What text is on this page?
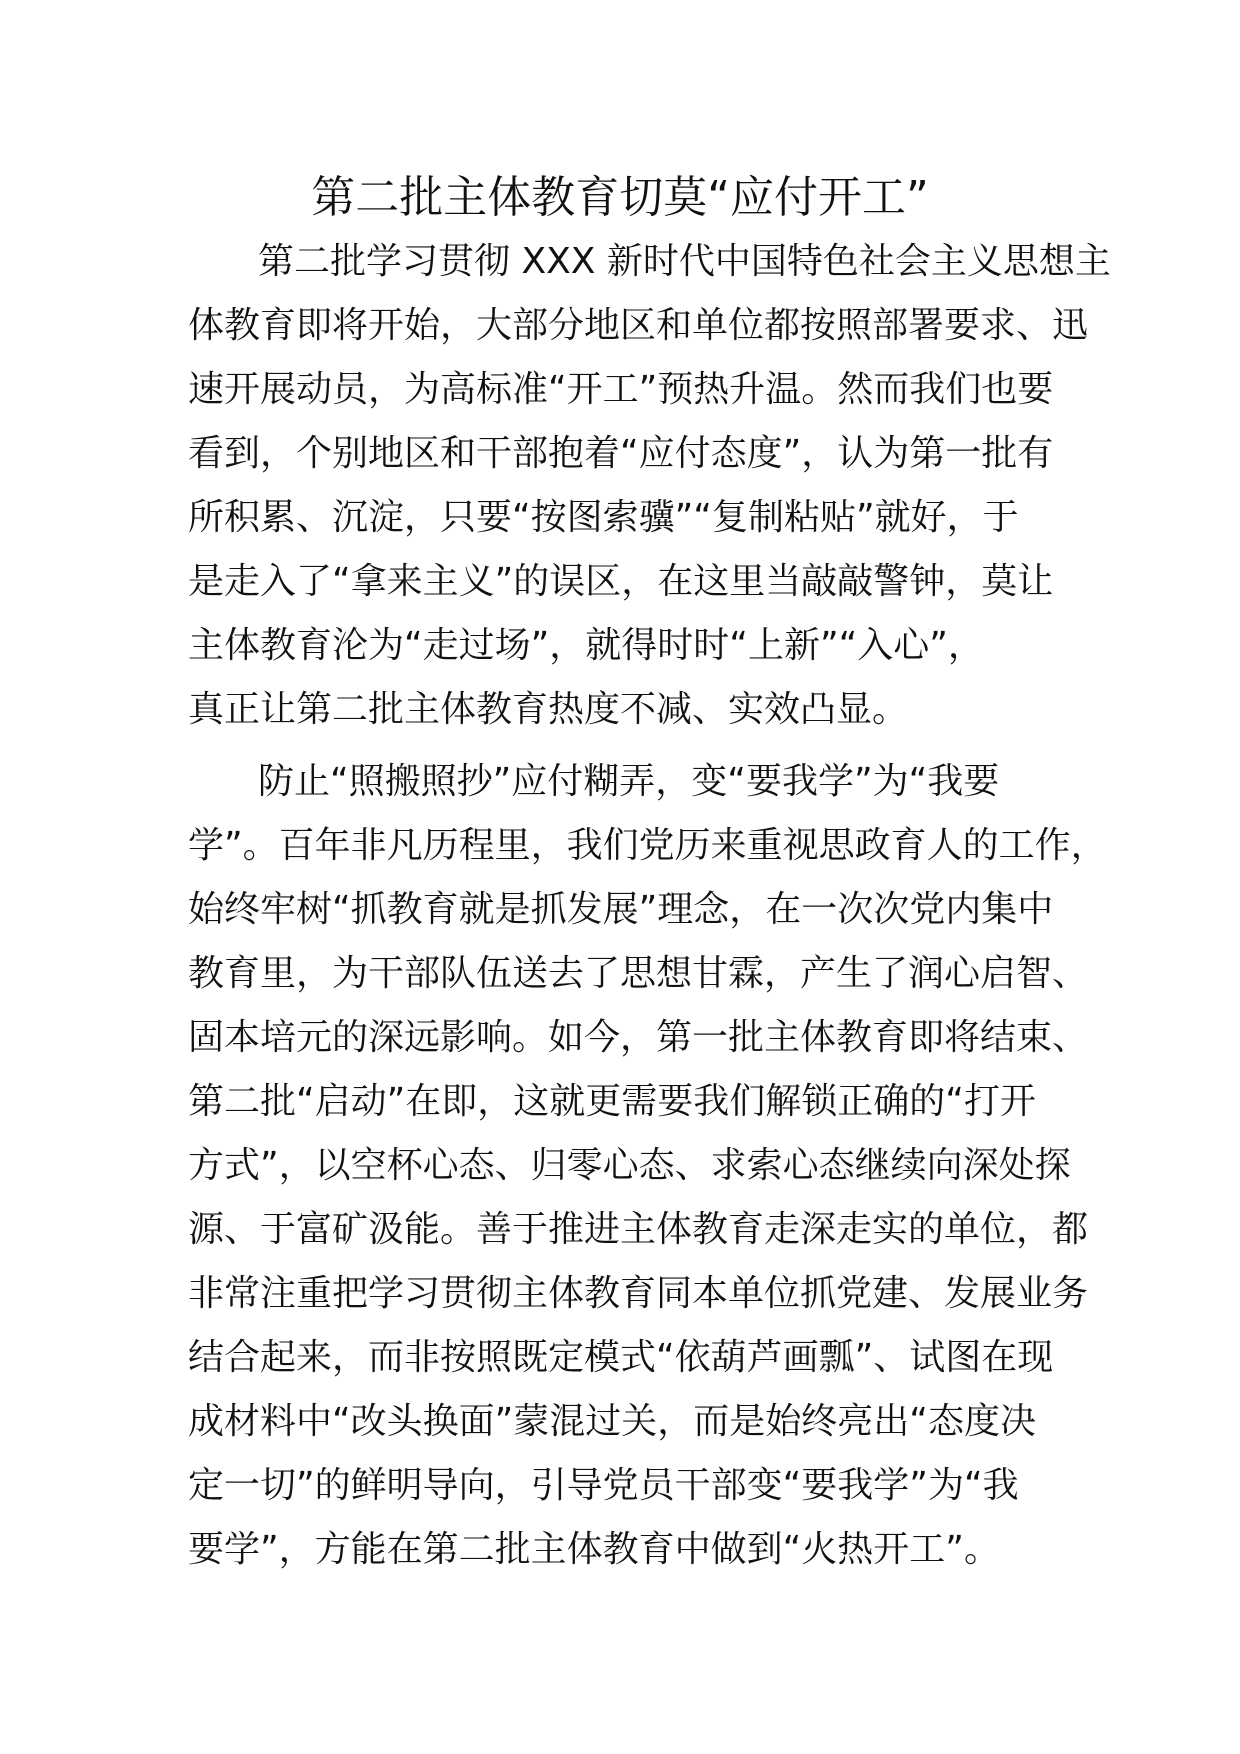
第二批主体教育切莫“应付开工”
第二批学习贯彻 XXX 新时代中国特色社会主义思想主
体教育即将开始，大部分地区和单位都按照部署要求、迅
速开展动员，为高标准“开工”预热升温。然而我们也要
看到，个别地区和干部抱着“应付态度”，认为第一批有
所积累、沉淀，只要“按图索骥”“复制粘贴”就好，于
是走入了“拿来主义”的误区，在这里当敲敲警钟，莫让
主体教育沦为“走过场”，就得时时“上新”“入心”，
真正让第二批主体教育热度不减、实效凸显。
防止“照搬照抄”应付糊弄，变“要我学”为“我要
学”。百年非凡历程里，我们党历来重视思政育人的工作，
始终牢树“抓教育就是抓发展”理念，在一次次党内集中
教育里，为干部队伍送去了思想甘霖，产生了润心启智、
固本培元的深远影响。如今，第一批主体教育即将结束、
第二批“启动”在即，这就更需要我们解锁正确的“打开
方式”，以空杯心态、归零心态、求索心态继续向深处探
源、于富矿汲能。善于推进主体教育走深走实的单位，都
非常注重把学习贯彻主体教育同本单位抓党建、发展业务
结合起来，而非按照既定模式“依葫芦画瓢”、试图在现
成材料中“改头换面”蒙混过关，而是始终亮出“态度决
定一切”的鲜明导向，引导党员干部变“要我学”为“我
要学”，方能在第二批主体教育中做到“火热开工”。
